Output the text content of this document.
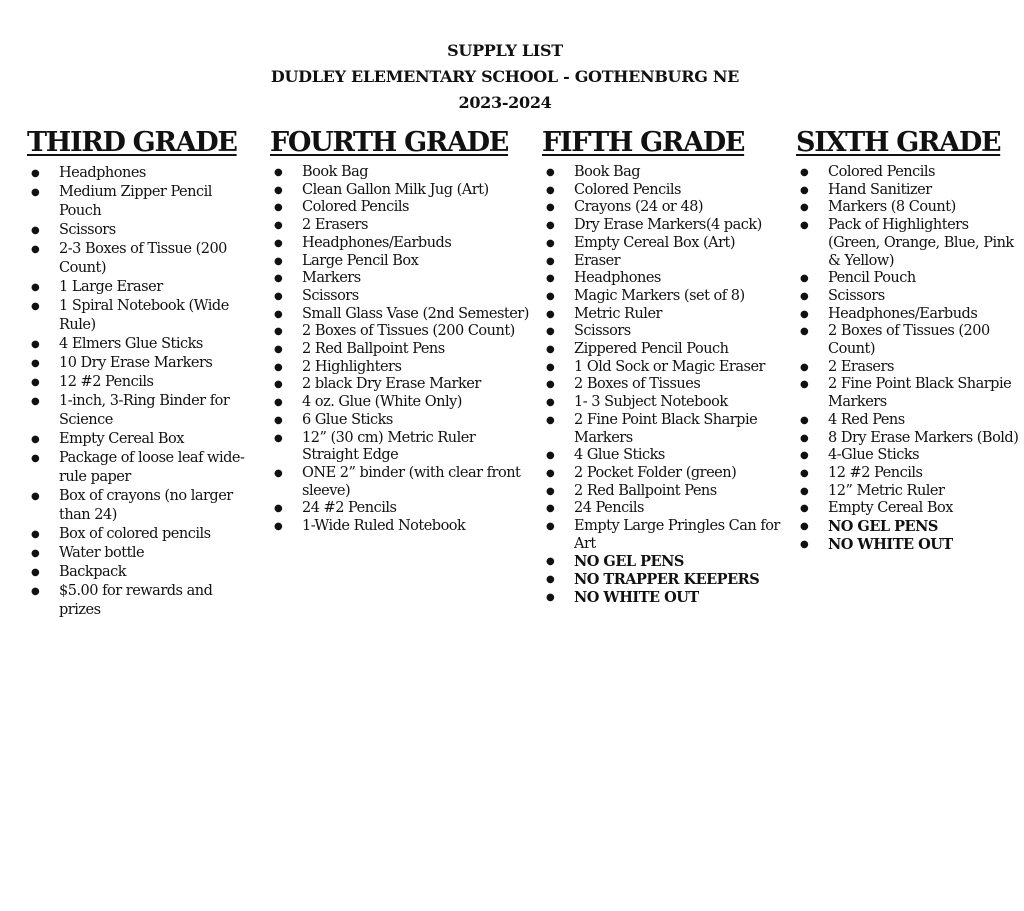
SUPPLY LIST
DUDLEY ELEMENTARY SCHOOL - GOTHENBURG NE
2023-2024
THIRD GRADE
● Headphones
● Medium Zipper Pencil Pouch
● Scissors
● 2-3 Boxes of Tissue (200 Count)
● 1 Large Eraser
● 1 Spiral Notebook (Wide Rule)
● 4 Elmers Glue Sticks
● 10 Dry Erase Markers
● 12 #2 Pencils
● 1-inch, 3-Ring Binder for Science
● Empty Cereal Box
● Package of loose leaf wide-rule paper
● Box of crayons (no larger than 24)
● Box of colored pencils
● Water bottle
● Backpack
● $5.00 for rewards and prizes
FOURTH GRADE
● Book Bag
● Clean Gallon Milk Jug (Art)
● Colored Pencils
● 2 Erasers
● Headphones/Earbuds
● Large Pencil Box
● Markers
● Scissors
● Small Glass Vase (2nd Semester)
● 2 Boxes of Tissues (200 Count)
● 2 Red Ballpoint Pens
● 2 Highlighters
● 2 black Dry Erase Marker
● 4 oz. Glue (White Only)
● 6 Glue Sticks
● 12” (30 cm) Metric Ruler Straight Edge
● ONE 2” binder (with clear front sleeve)
● 24 #2 Pencils
● 1-Wide Ruled Notebook
FIFTH GRADE
● Book Bag
● Colored Pencils
● Crayons (24 or 48)
● Dry Erase Markers(4 pack)
● Empty Cereal Box (Art)
● Eraser
● Headphones
● Magic Markers (set of 8)
● Metric Ruler
● Scissors
● Zippered Pencil Pouch
● 1 Old Sock or Magic Eraser
● 2 Boxes of Tissues
● 1- 3 Subject Notebook
● 2 Fine Point Black Sharpie Markers
● 4 Glue Sticks
● 2 Pocket Folder (green)
● 2 Red Ballpoint Pens
● 24 Pencils
● Empty Large Pringles Can for Art
● NO GEL PENS
● NO TRAPPER KEEPERS
● NO WHITE OUT
SIXTH GRADE
● Colored Pencils
● Hand Sanitizer
● Markers (8 Count)
● Pack of Highlighters (Green, Orange, Blue, Pink & Yellow)
● Pencil Pouch
● Scissors
● Headphones/Earbuds
● 2 Boxes of Tissues (200 Count)
● 2 Erasers
● 2 Fine Point Black Sharpie Markers
● 4 Red Pens
● 8 Dry Erase Markers (Bold)
● 4-Glue Sticks
● 12 #2 Pencils
● 12” Metric Ruler
● Empty Cereal Box
● NO GEL PENS
● NO WHITE OUT
